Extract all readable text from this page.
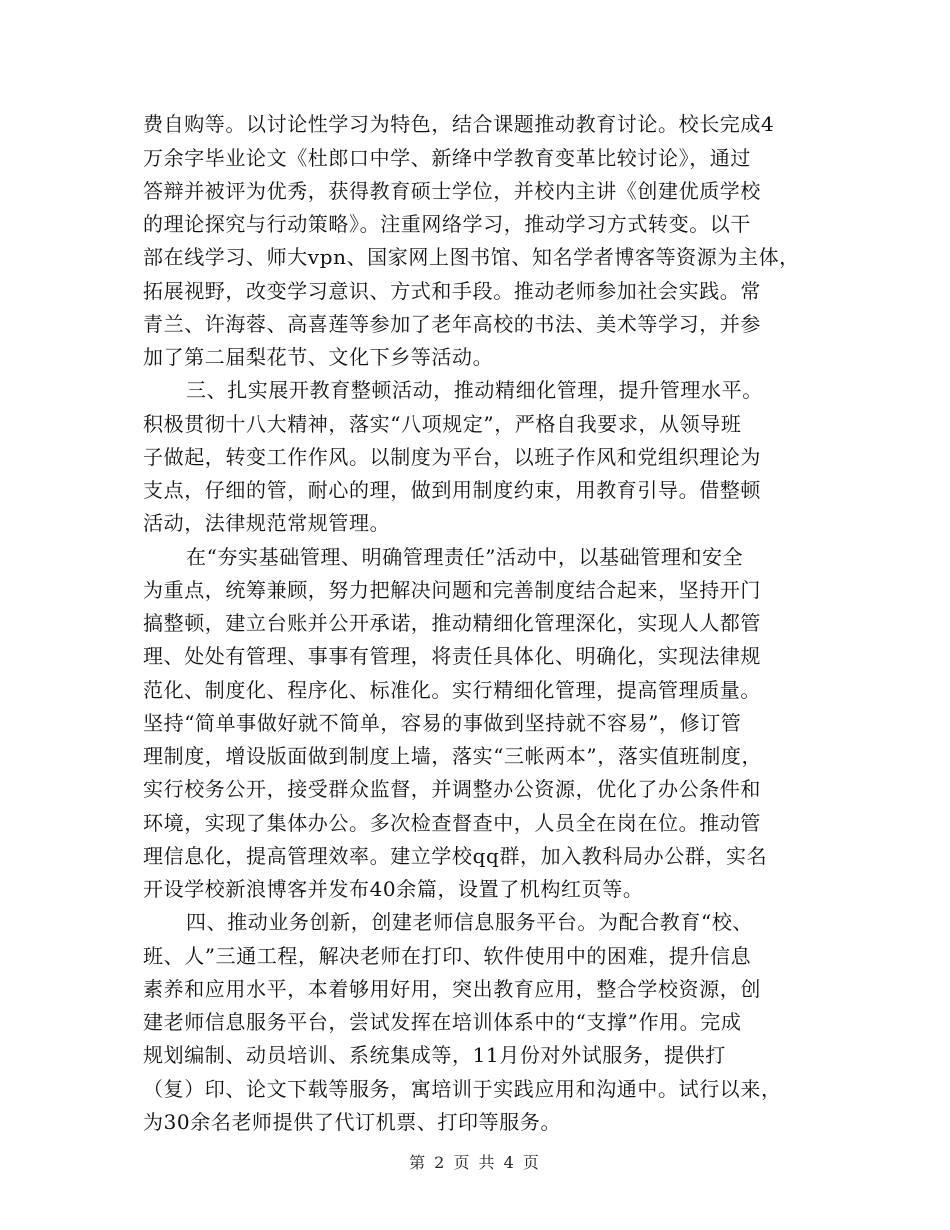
费自购等。以讨论性学习为特色，结合课题推动教育讨论。校长完成4
万余字毕业论文《杜郎口中学、新绛中学教育变革比较讨论》，通过
答辩并被评为优秀，获得教育硕士学位，并校内主讲《创建优质学校
的理论探究与行动策略》。注重网络学习，推动学习方式转变。以干
部在线学习、师大vpn、国家网上图书馆、知名学者博客等资源为主体，
拓展视野，改变学习意识、方式和手段。推动老师参加社会实践。常
青兰、许海蓉、高喜莲等参加了老年高校的书法、美术等学习，并参
加了第二届梨花节、文化下乡等活动。
三、扎实展开教育整顿活动，推动精细化管理，提升管理水平。
积极贯彻十八大精神，落实“八项规定”，严格自我要求，从领导班
子做起，转变工作作风。以制度为平台，以班子作风和党组织理论为
支点，仔细的管，耐心的理，做到用制度约束，用教育引导。借整顿
活动，法律规范常规管理。
在“夯实基础管理、明确管理责任”活动中，以基础管理和安全
为重点，统筹兼顾，努力把解决问题和完善制度结合起来，坚持开门
搞整顿，建立台账并公开承诺，推动精细化管理深化，实现人人都管
理、处处有管理、事事有管理，将责任具体化、明确化，实现法律规
范化、制度化、程序化、标准化。实行精细化管理，提高管理质量。
坚持“简单事做好就不简单，容易的事做到坚持就不容易”，修订管
理制度，增设版面做到制度上墙，落实“三帐两本”，落实值班制度，
实行校务公开，接受群众监督，并调整办公资源，优化了办公条件和
环境，实现了集体办公。多次检查督查中，人员全在岗在位。推动管
理信息化，提高管理效率。建立学校qq群，加入教科局办公群，实名
开设学校新浪博客并发布40余篇，设置了机构红页等。
四、推动业务创新，创建老师信息服务平台。为配合教育“校、
班、人”三通工程，解决老师在打印、软件使用中的困难，提升信息
素养和应用水平，本着够用好用，突出教育应用，整合学校资源，创
建老师信息服务平台，尝试发挥在培训体系中的“支撑”作用。完成
规划编制、动员培训、系统集成等，11月份对外试服务，提供打
（复）印、论文下载等服务，寓培训于实践应用和沟通中。试行以来，
为30余名老师提供了代订机票、打印等服务。
第 2 页 共 4 页
